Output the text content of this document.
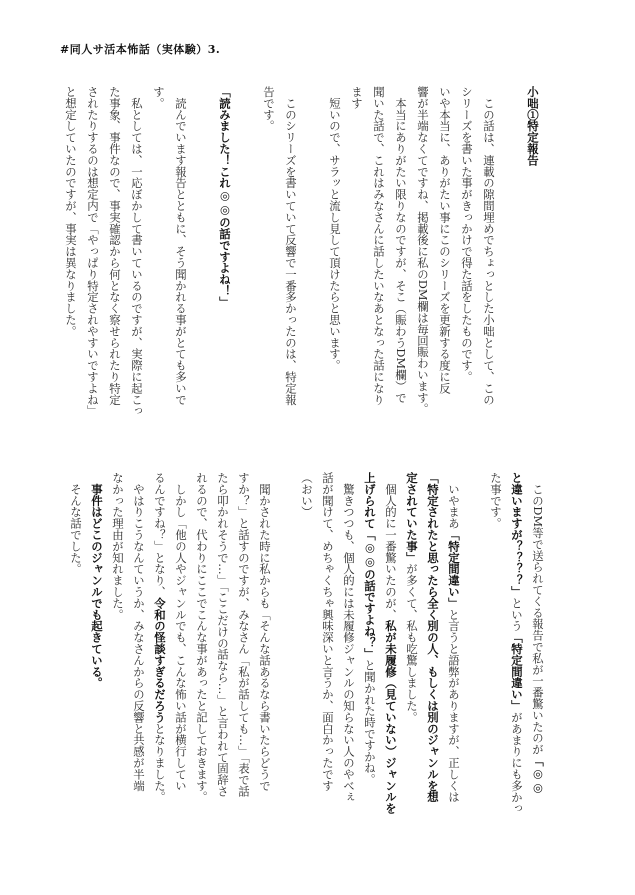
#同人サ活本怖話（実体験）3.
小咄①特定報告

　この話は、連載の隙間埋めでちょっとした小咄として、この
シリーズを書いた事がきっかけで得た話をしたものです。
いや本当に、ありがたい事にこのシリーズを更新する度に反
響が半端なくてですね、掲載後に私のDM欄は毎回賑わいます。
　本当にありがたい限りなのですが、そこ（賑わうDM欄）で
聞いた話で、これはみなさんに話したいなあとなった話になり
ます
　短いので、サラッと流し見して頂けたらと思います。

　このシリーズを書いていて反響で一番多かったのは、特定報
告です。

「読みました！これ◎◎の話ですよね！」

　読んでいます報告とともに、そう聞かれる事がとても多いで
す。
　私としては、一応ぼかして書いているのですが、実際に起こっ
た事象、事件なので、事実確認から何となく察せられたり特定
されたりするのは想定内で「やっぱり特定されやすいですよね」
と想定していたのですが、事実は異なりました。
　このDM等で送られてくる報告で私が一番驚いたのが「◎◎
と違いますが？？？？」という「特定間違い」があまりにも多かっ
た事です。

　いやまあ「特定間違い」と言うと語弊がありますが、正しくは
「特定されたと思ったら全く別の人、もしくは別のジャンルを想
定されていた事」が多くて、私も吃驚しました。
　個人的に一番驚いたのが、私が未履修（見ていない）ジャンルを
上げられて「◎◎の話ですよね？」と聞かれた時ですかね。
　驚きつつも、個人的には未履修ジャンルの知らない人のやべぇ
話が聞けて、めちゃくちゃ興味深いと言うか、面白かったです
（おい）

　聞かされた時に私からも「そんな話あるなら書いたらどうで
すか？」と話すのですが、みなさん「私が話しても…」「表で話
たら叩かれそうで…」「ここだけの話なら…」と言われて固辞さ
れるので、代わりにここでこんな事があったと記しておきます。
　しかし「他の人やジャンルでも、こんな怖い話が横行してい
るんですね？」となり、令和の怪談すぎるだろうとなりました。
　やはりこうなんていうか、みなさんからの反響と共感が半端
なかった理由が知れました。
　事件はどこのジャンルでも起きている。
　そんな話でした。
